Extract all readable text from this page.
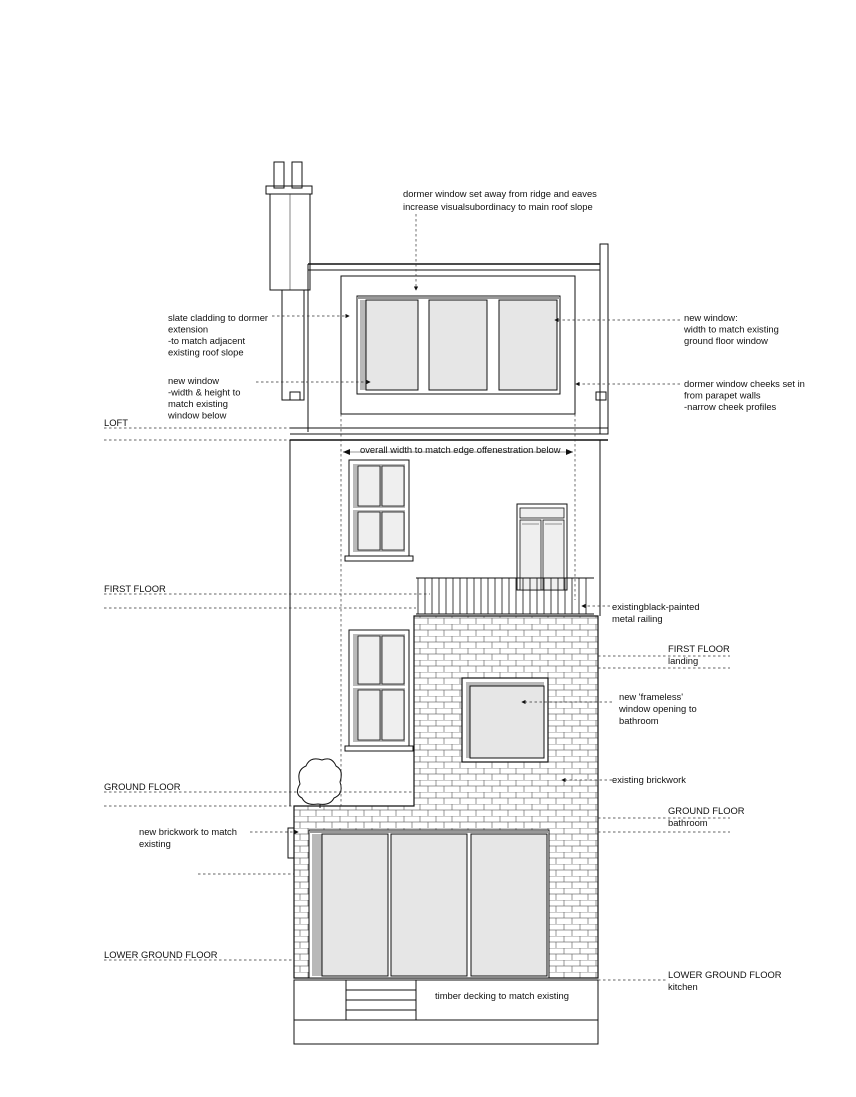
LOFT
FIRST FLOOR
GROUND FLOOR
LOWER GROUND FLOOR
FIRST FLOOR landing
GROUND FLOOR bathroom
LOWER GROUND FLOOR kitchen
dormer window set away from ridge and eaves increase visualsubordinacy to main roof slope
slate cladding to dormer extension -to match adjacent existing roof slope
new window -width & height to match existing window below
new window: width to match existing ground floor window
dormer window cheeks set in from parapet walls -narrow cheek profiles
overall width to match edge offenestration below
existingblack-painted metal railing
new 'frameless' window opening to bathroom
existing brickwork
new brickwork to match existing
timber decking to match existing
